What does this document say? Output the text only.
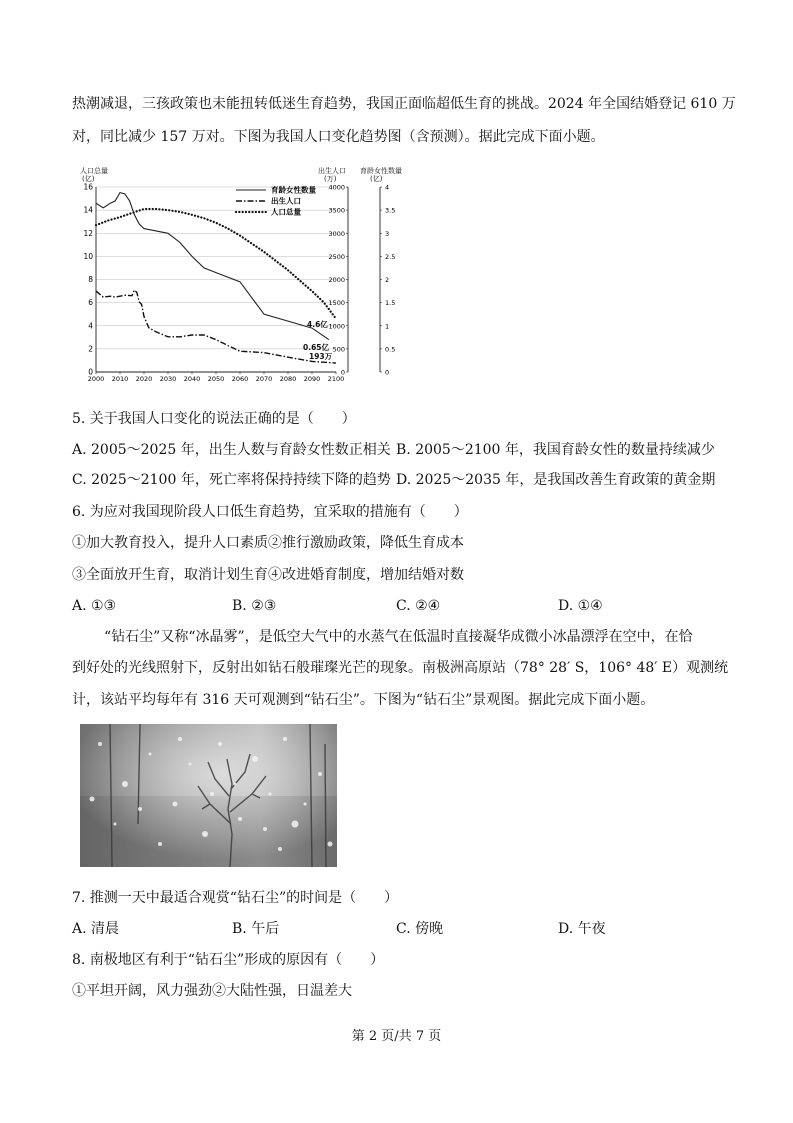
热潮减退，三孩政策也未能扭转低迷生育趋势，我国正面临超低生育的挑战。2024 年全国结婚登记 610 万
对，同比减少 157 万对。下图为我国人口变化趋势图（含预测）。据此完成下面小题。
人口总量
(亿)
出生人口
(万)
育龄女性数量
(亿)
0
2
4
6
8
10
12
14
16
2000 2010 2020 2030 2040 2050 2060 2070 2080 2090 2100
0
500
1000
1500
2000
2500
3000
3500
4000
0
0.5
1
1.5
2
2.5
3
3.5
4
育龄女性数量
出生人口
人口总量
4.6亿
0.65亿
193万
5. 关于我国人口变化的说法正确的是（　　）
A. 2005～2025 年，出生人数与育龄女性数正相关 B. 2005～2100 年，我国育龄女性的数量持续减少
C. 2025～2100 年，死亡率将保持持续下降的趋势 D. 2025～2035 年，是我国改善生育政策的黄金期
6. 为应对我国现阶段人口低生育趋势，宜采取的措施有（　　）
①加大教育投入，提升人口素质②推行激励政策，降低生育成本
③全面放开生育，取消计划生育④改进婚育制度，增加结婚对数
A. ①③	B. ②③	C. ②④	D. ①④
“钻石尘”又称“冰晶雾”，是低空大气中的水蒸气在低温时直接凝华成微小冰晶漂浮在空中，在恰
到好处的光线照射下，反射出如钻石般璀璨光芒的现象。南极洲高原站（78° 28′ S，106° 48′ E）观测统
计，该站平均每年有 316 天可观测到“钻石尘”。下图为“钻石尘”景观图。据此完成下面小题。
7. 推测一天中最适合观赏“钻石尘”的时间是（　　）
A. 清晨	B. 午后	C. 傍晚	D. 午夜
8. 南极地区有利于“钻石尘”形成的原因有（　　）
①平坦开阔，风力强劲②大陆性强，日温差大
第 2 页/共 7 页
